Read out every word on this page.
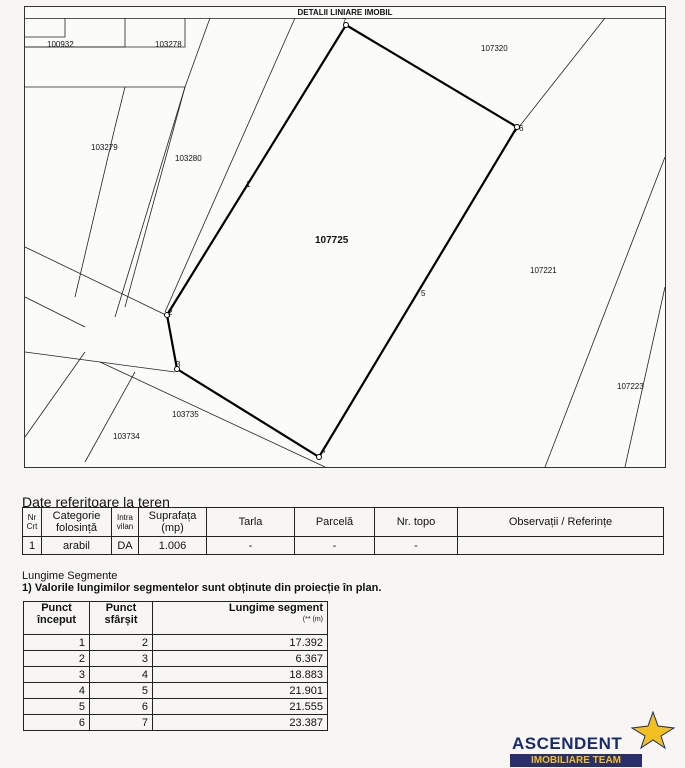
DETALII LINIARE IMOBIL
100932	103278
103279
103280
107320
107221
107223
103735
103734
107725
1
2
3
4
5
6
7
Date referitoare la teren
Nr Crt	Categorie folosință	Intra vilan	Suprafața (mp)	Tarla	Parcelă	Nr. topo	Observații / Referințe
1	arabil	DA	1.006	-	-	-	
Lungime Segmente
1) Valorile lungimilor segmentelor sunt obținute din proiecție în plan.
Punct început	Punct sfârșit	Lungime segment
(** (m)

1	2	17.392
2	3	6.367
3	4	18.883
4	5	21.901
5	6	21.555
6	7	23.387
ASCENDENT
IMOBILIARE TEAM
